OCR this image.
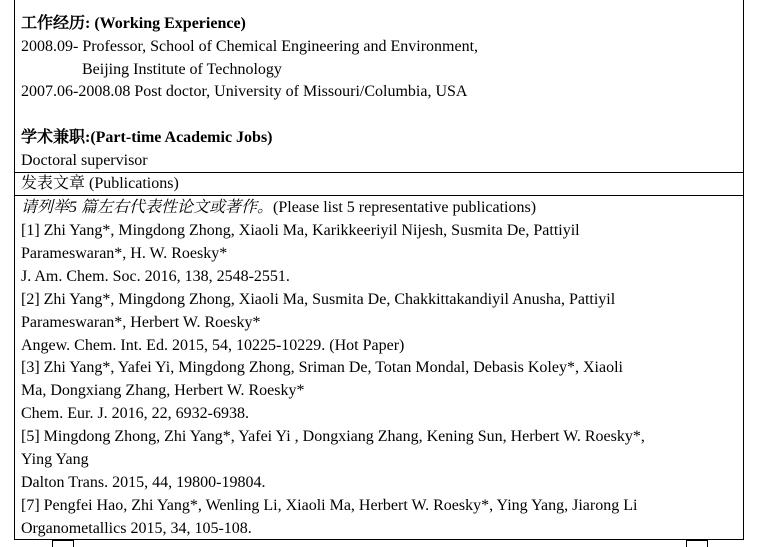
工作经历: (Working Experience)
2008.09- Professor, School of Chemical Engineering and Environment,
Beijing Institute of Technology
2007.06-2008.08 Post doctor, University of Missouri/Columbia, USA
学术兼职:(Part-time Academic Jobs)
Doctoral supervisor
发表文章 (Publications)
请列举5 篇左右代表性论文或著作。(Please list 5 representative publications)
[1] Zhi Yang*, Mingdong Zhong, Xiaoli Ma, Karikkeeriyil Nijesh, Susmita De, Pattiyil
Parameswaran*, H. W. Roesky*
J. Am. Chem. Soc. 2016, 138, 2548-2551.
[2] Zhi Yang*, Mingdong Zhong, Xiaoli Ma, Susmita De, Chakkittakandiyil Anusha, Pattiyil
Parameswaran*, Herbert W. Roesky*
Angew. Chem. Int. Ed. 2015, 54, 10225-10229. (Hot Paper)
[3] Zhi Yang*, Yafei Yi, Mingdong Zhong, Sriman De, Totan Mondal, Debasis Koley*, Xiaoli
Ma, Dongxiang Zhang, Herbert W. Roesky*
Chem. Eur. J. 2016, 22, 6932-6938.
[5] Mingdong Zhong, Zhi Yang*, Yafei Yi , Dongxiang Zhang, Kening Sun, Herbert W. Roesky*,
Ying Yang
Dalton Trans. 2015, 44, 19800-19804.
[7] Pengfei Hao, Zhi Yang*, Wenling Li, Xiaoli Ma, Herbert W. Roesky*, Ying Yang, Jiarong Li
Organometallics 2015, 34, 105-108.
